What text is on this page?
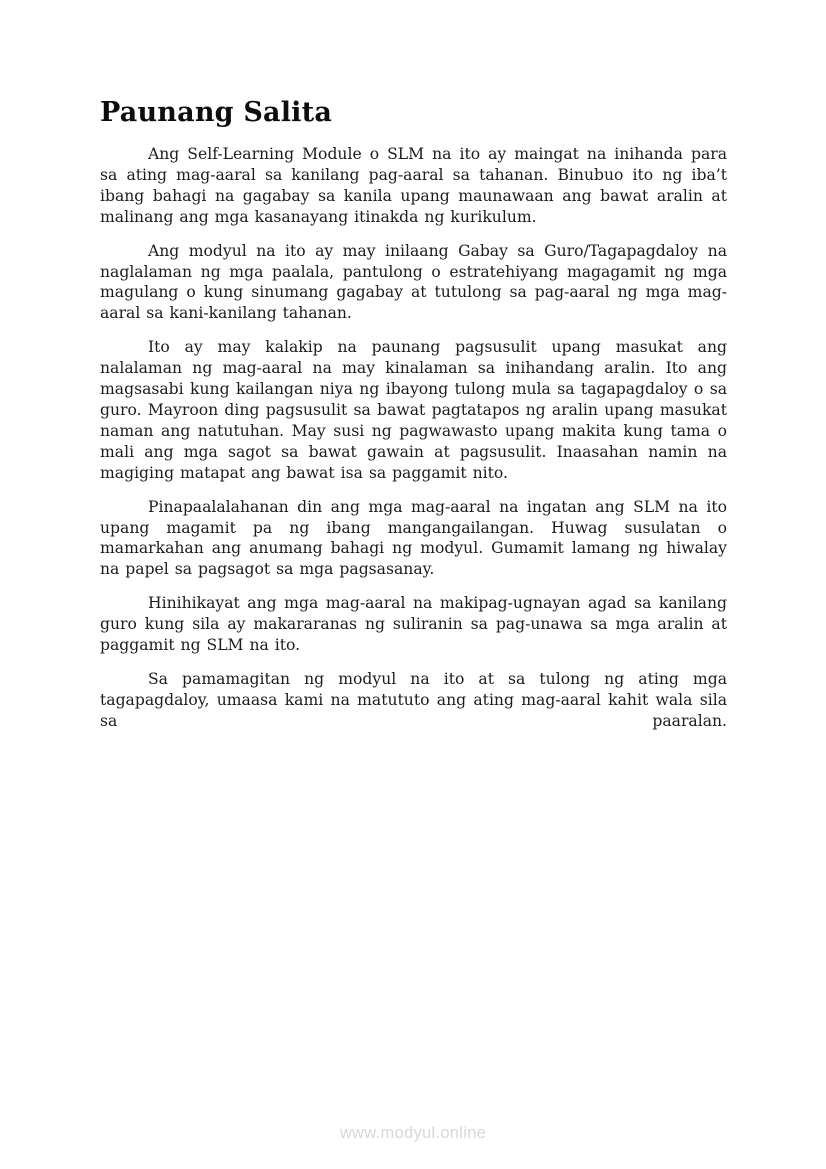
Paunang Salita

Ang Self-Learning Module o SLM na ito ay maingat na inihanda para sa ating mag-aaral sa kanilang pag-aaral sa tahanan. Binubuo ito ng iba’t ibang bahagi na gagabay sa kanila upang maunawaan ang bawat aralin at malinang ang mga kasanayang itinakda ng kurikulum.

Ang modyul na ito ay may inilaang Gabay sa Guro/Tagapagdaloy na naglalaman ng mga paalala, pantulong o estratehiyang magagamit ng mga magulang o kung sinumang gagabay at tutulong sa pag-aaral ng mga mag-aaral sa kani-kanilang tahanan.

Ito ay may kalakip na paunang pagsusulit upang masukat ang nalalaman ng mag-aaral na may kinalaman sa inihandang aralin. Ito ang magsasabi kung kailangan niya ng ibayong tulong mula sa tagapagdaloy o sa guro. Mayroon ding pagsusulit sa bawat pagtatapos ng aralin upang masukat naman ang natutuhan. May susi ng pagwawasto upang makita kung tama o mali ang mga sagot sa bawat gawain at pagsusulit. Inaasahan namin na magiging matapat ang bawat isa sa paggamit nito.

Pinapaalalahanan din ang mga mag-aaral na ingatan ang SLM na ito upang magamit pa ng ibang mangangailangan. Huwag susulatan o mamarkahan ang anumang bahagi ng modyul. Gumamit lamang ng hiwalay na papel sa pagsagot sa mga pagsasanay.

Hinihikayat ang mga mag-aaral na makipag-ugnayan agad sa kanilang guro kung sila ay makararanas ng suliranin sa pag-unawa sa mga aralin at paggamit ng SLM na ito.

Sa pamamagitan ng modyul na ito at sa tulong ng ating mga tagapagdaloy, umaasa kami na matututo ang ating mag-aaral kahit wala sila sa paaralan.

www.modyul.online
